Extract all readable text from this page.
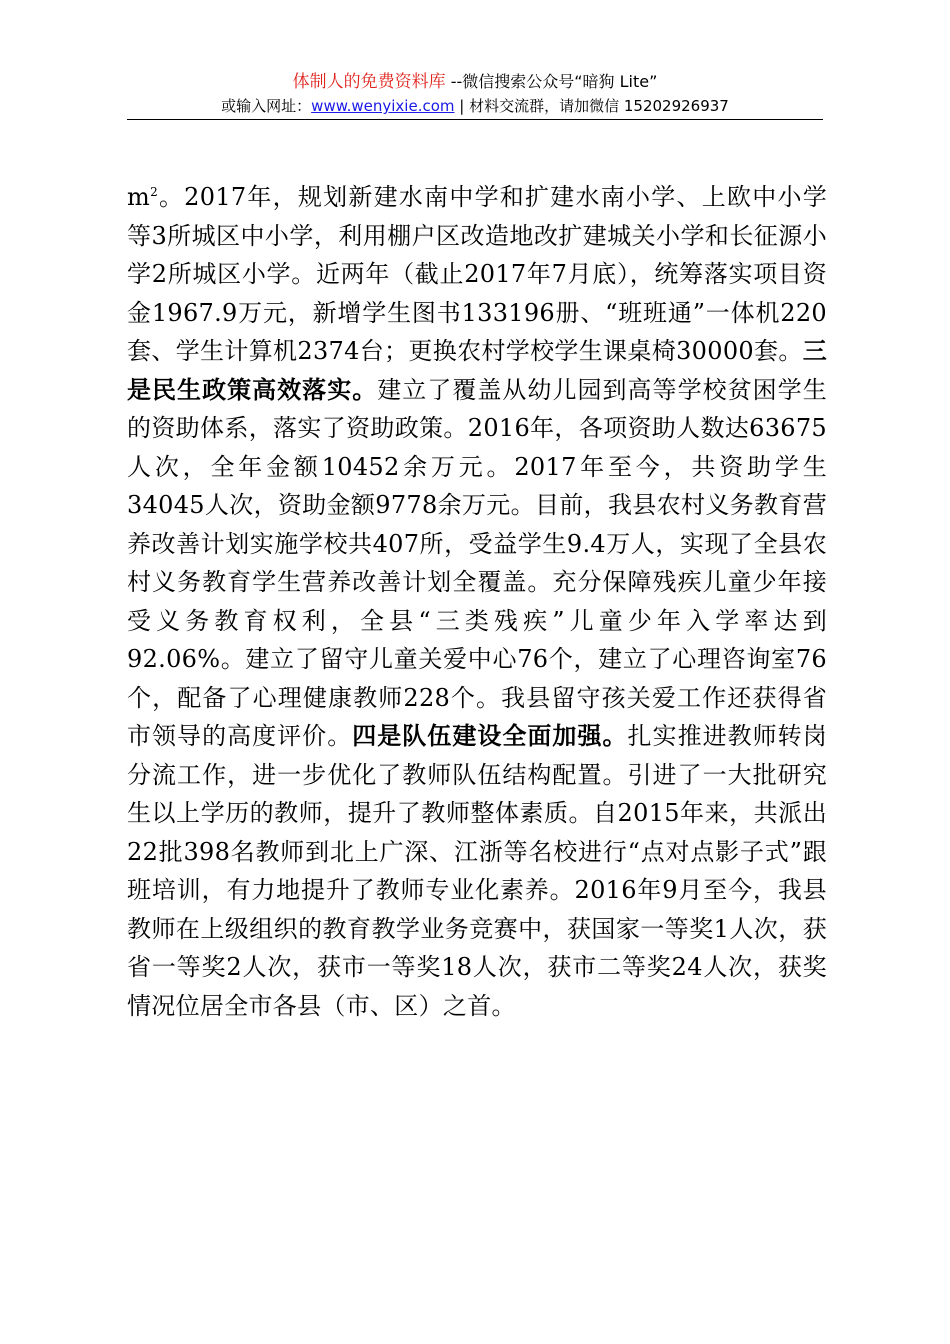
体制人的免费资料库 --微信搜索公众号“暗狗 Lite”
或输入网址：www.wenyixie.com | 材料交流群，请加微信 15202926937
$m^2$。2017年，规划新建水南中学和扩建水南小学、上欧中小学等3所城区中小学，利用棚户区改造地改扩建城关小学和长征源小学2所城区小学。近两年（截止2017年7月底），统筹落实项目资金1967.9万元，新增学生图书133196册、“班班通”一体机220套、学生计算机2374台；更换农村学校学生课桌椅30000套。三是民生政策高效落实。建立了覆盖从幼儿园到高等学校贫困学生的资助体系，落实了资助政策。2016年，各项资助人数达63675人次，全年金额10452余万元。2017年至今，共资助学生34045人次，资助金额9778余万元。目前，我县农村义务教育营养改善计划实施学校共407所，受益学生9.4万人，实现了全县农村义务教育学生营养改善计划全覆盖。充分保障残疾儿童少年接受义务教育权利，全县“三类残疾”儿童少年入学率达到92.06%。建立了留守儿童关爱中心76个，建立了心理咨询室76个，配备了心理健康教师228个。我县留守孩关爱工作还获得省市领导的高度评价。四是队伍建设全面加强。扎实推进教师转岗分流工作，进一步优化了教师队伍结构配置。引进了一大批研究生以上学历的教师，提升了教师整体素质。自2015年来，共派出22批398名教师到北上广深、江浙等名校进行“点对点影子式”跟班培训，有力地提升了教师专业化素养。2016年9月至今，我县教师在上级组织的教育教学业务竞赛中，获国家一等奖1人次，获省一等奖2人次，获市一等奖18人次，获市二等奖24人次，获奖情况位居全市各县（市、区）之首。
